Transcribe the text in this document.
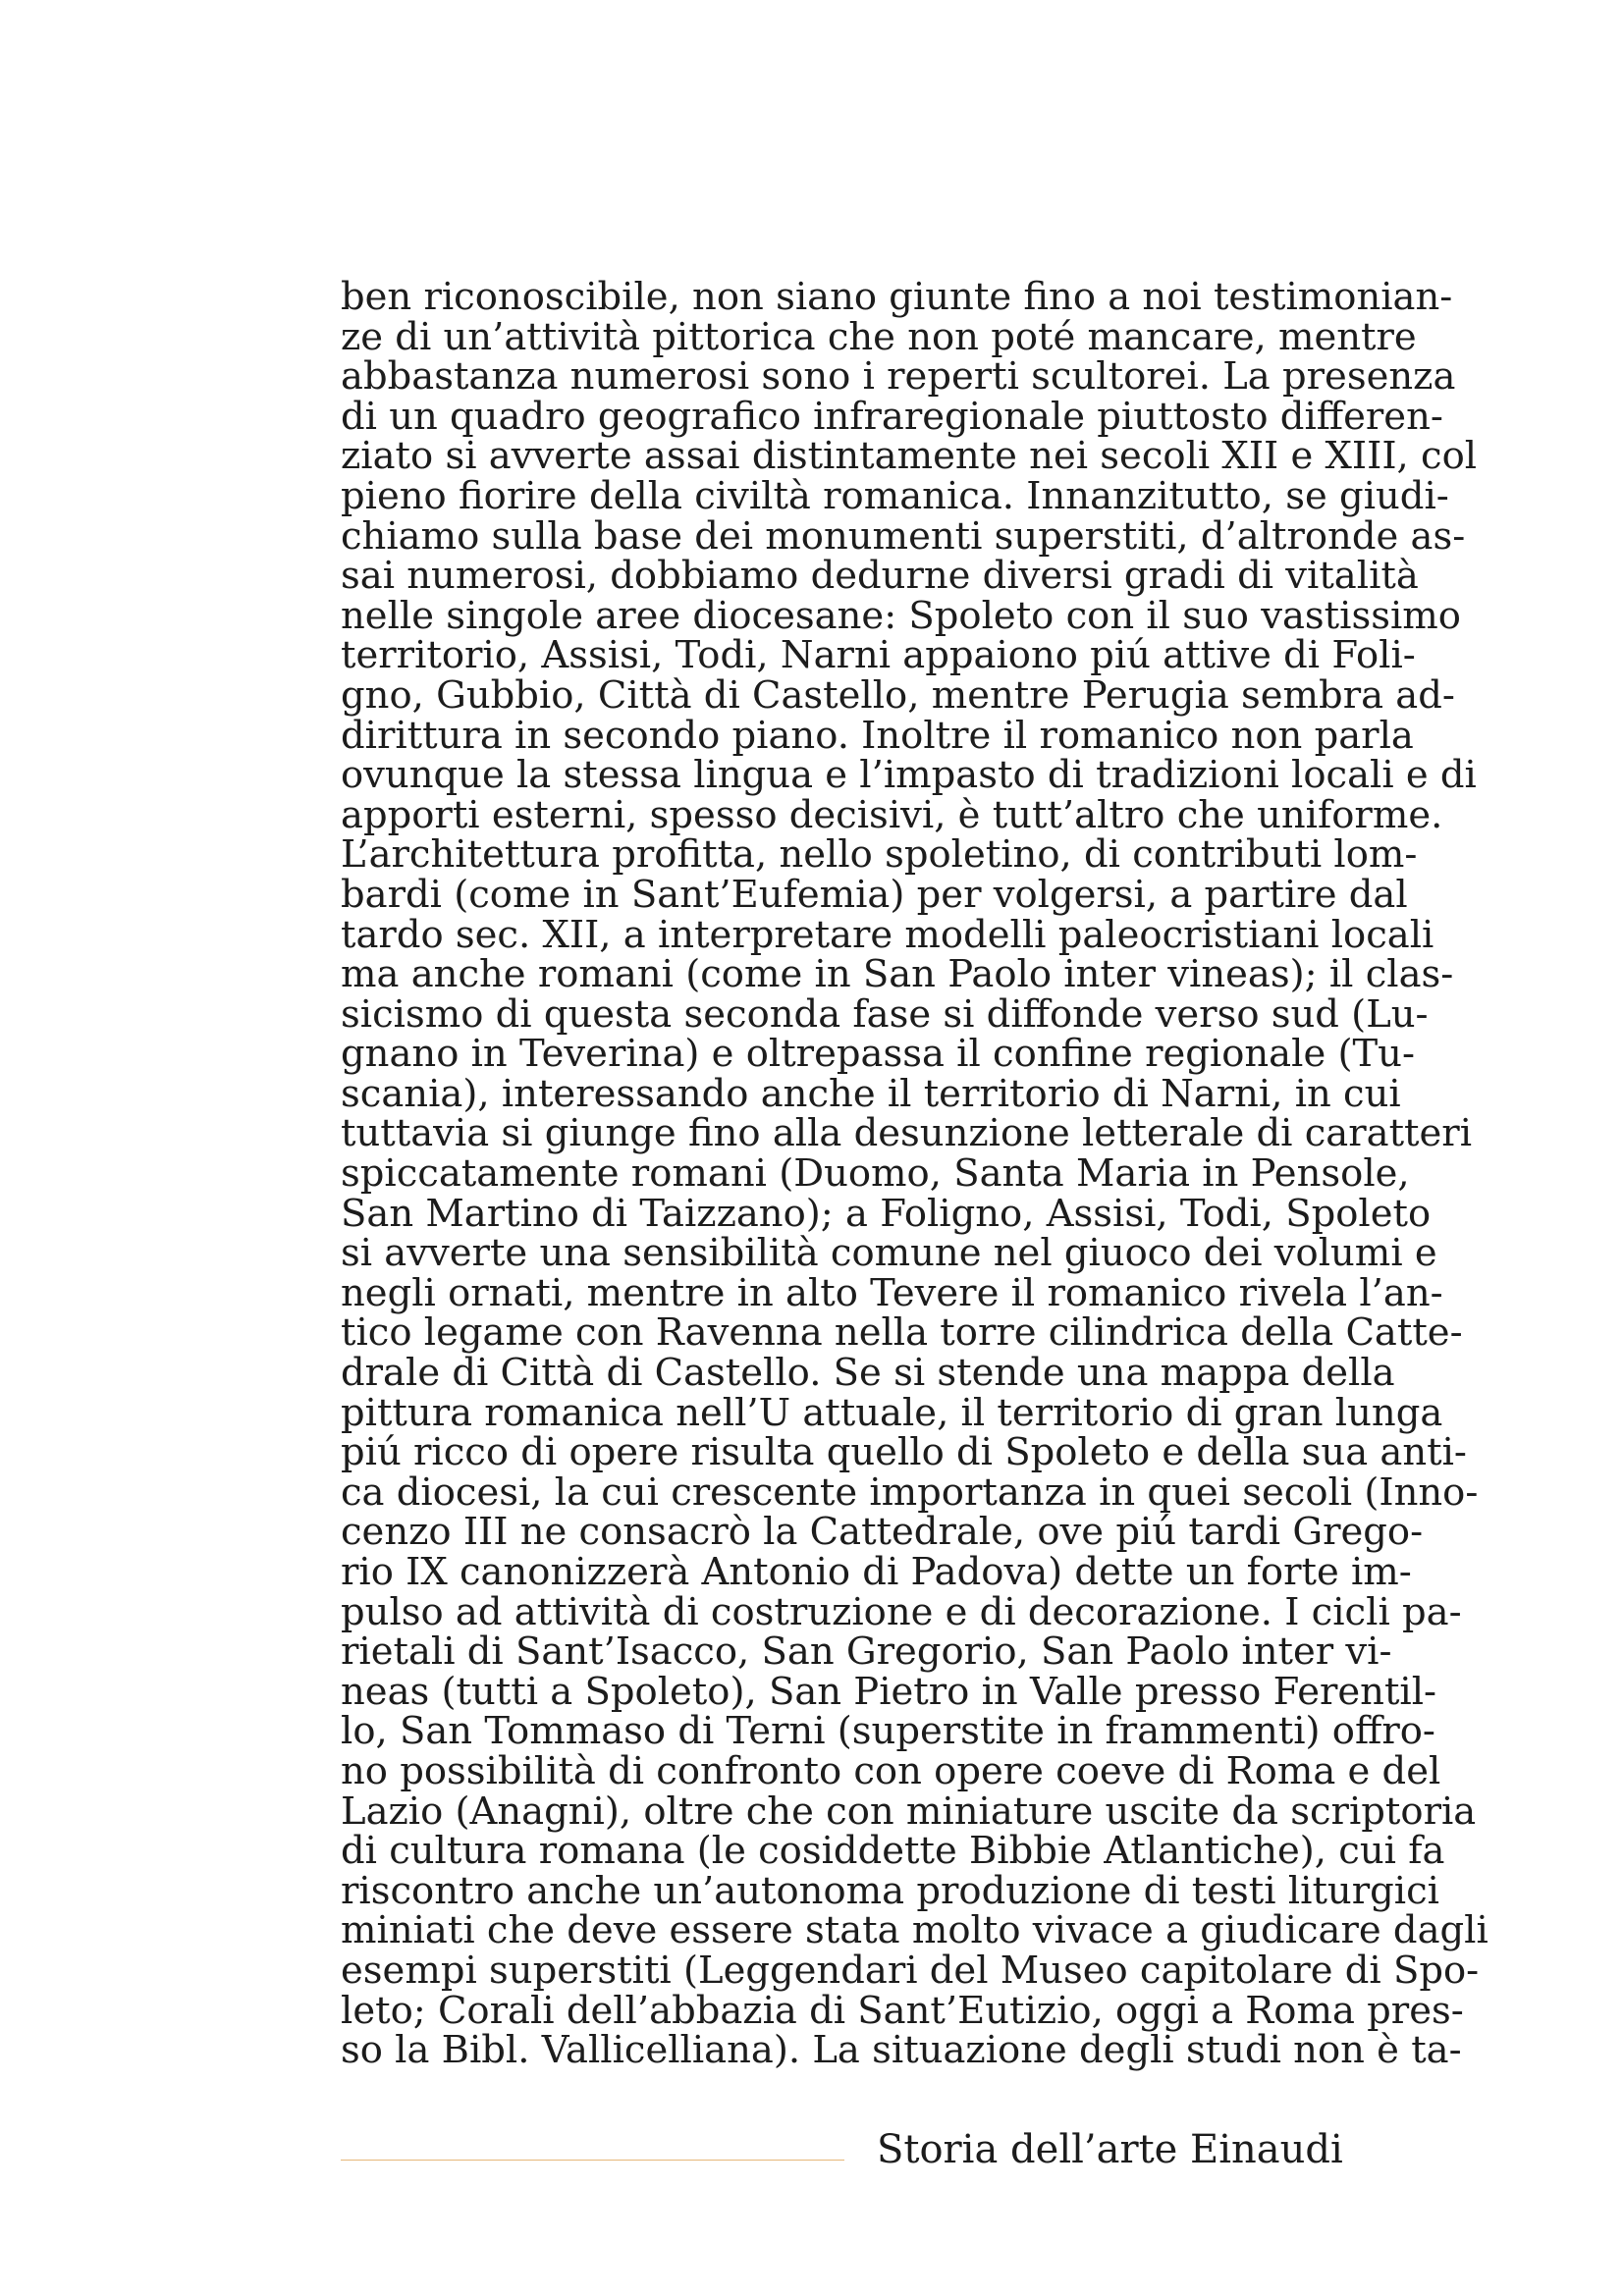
ben riconoscibile, non siano giunte fino a noi testimonian-
ze di un’attività pittorica che non poté mancare, mentre
abbastanza numerosi sono i reperti scultorei. La presenza
di un quadro geografico infraregionale piuttosto differen-
ziato si avverte assai distintamente nei secoli XII e XIII, col
pieno fiorire della civiltà romanica. Innanzitutto, se giudi-
chiamo sulla base dei monumenti superstiti, d’altronde as-
sai numerosi, dobbiamo dedurne diversi gradi di vitalità
nelle singole aree diocesane: Spoleto con il suo vastissimo
territorio, Assisi, Todi, Narni appaiono piú attive di Foli-
gno, Gubbio, Città di Castello, mentre Perugia sembra ad-
dirittura in secondo piano. Inoltre il romanico non parla
ovunque la stessa lingua e l’impasto di tradizioni locali e di
apporti esterni, spesso decisivi, è tutt’altro che uniforme.
L’architettura profitta, nello spoletino, di contributi lom-
bardi (come in Sant’Eufemia) per volgersi, a partire dal
tardo sec. XII, a interpretare modelli paleocristiani locali
ma anche romani (come in San Paolo inter vineas); il clas-
sicismo di questa seconda fase si diffonde verso sud (Lu-
gnano in Teverina) e oltrepassa il confine regionale (Tu-
scania), interessando anche il territorio di Narni, in cui
tuttavia si giunge fino alla desunzione letterale di caratteri
spiccatamente romani (Duomo, Santa Maria in Pensole,
San Martino di Taizzano); a Foligno, Assisi, Todi, Spoleto
si avverte una sensibilità comune nel giuoco dei volumi e
negli ornati, mentre in alto Tevere il romanico rivela l’an-
tico legame con Ravenna nella torre cilindrica della Catte-
drale di Città di Castello. Se si stende una mappa della
pittura romanica nell’U attuale, il territorio di gran lunga
piú ricco di opere risulta quello di Spoleto e della sua anti-
ca diocesi, la cui crescente importanza in quei secoli (Inno-
cenzo III ne consacrò la Cattedrale, ove piú tardi Grego-
rio IX canonizzerà Antonio di Padova) dette un forte im-
pulso ad attività di costruzione e di decorazione. I cicli pa-
rietali di Sant’Isacco, San Gregorio, San Paolo inter vi-
neas (tutti a Spoleto), San Pietro in Valle presso Ferentil-
lo, San Tommaso di Terni (superstite in frammenti) offro-
no possibilità di confronto con opere coeve di Roma e del
Lazio (Anagni), oltre che con miniature uscite da scriptoria
di cultura romana (le cosiddette Bibbie Atlantiche), cui fa
riscontro anche un’autonoma produzione di testi liturgici
miniati che deve essere stata molto vivace a giudicare dagli
esempi superstiti (Leggendari del Museo capitolare di Spo-
leto; Corali dell’abbazia di Sant’Eutizio, oggi a Roma pres-
so la Bibl. Vallicelliana). La situazione degli studi non è ta-
Storia dell’arte Einaudi
